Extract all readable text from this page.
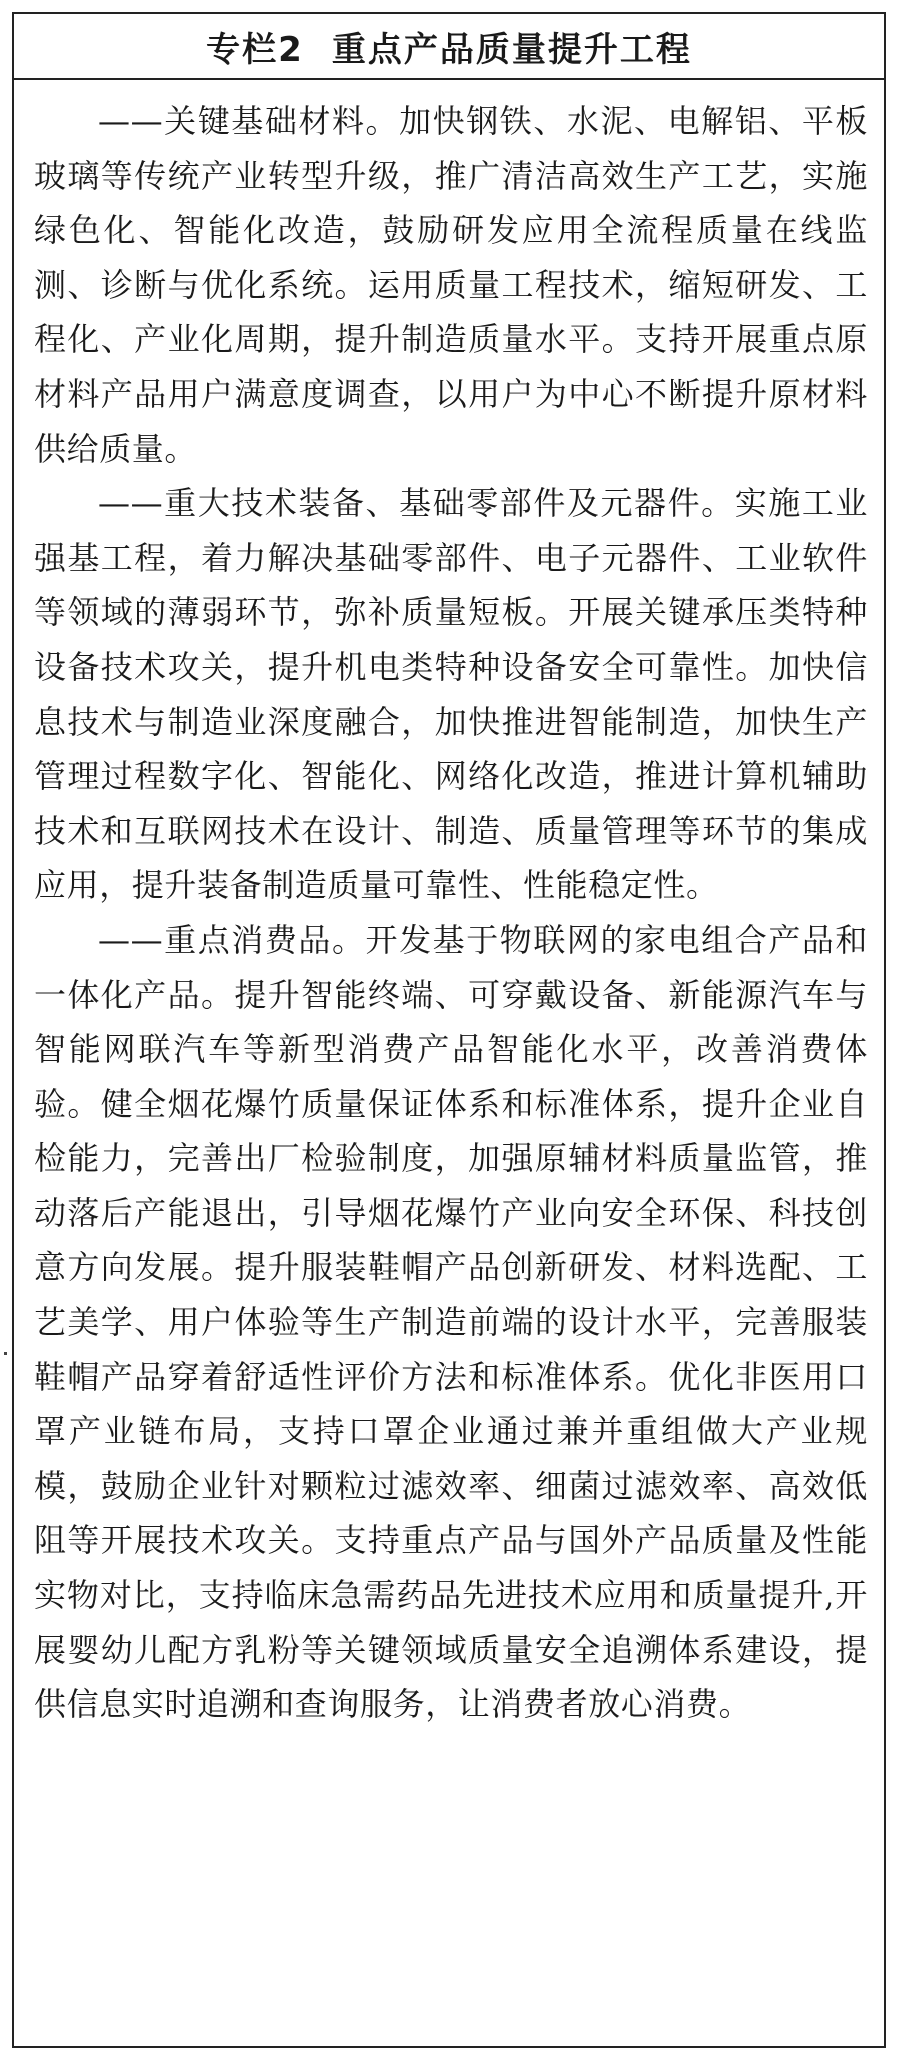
专栏2 重点产品质量提升工程

——关键基础材料。加快钢铁、水泥、电解铝、平板玻璃等传统产业转型升级，推广清洁高效生产工艺，实施绿色化、智能化改造，鼓励研发应用全流程质量在线监测、诊断与优化系统。运用质量工程技术，缩短研发、工程化、产业化周期，提升制造质量水平。支持开展重点原材料产品用户满意度调查，以用户为中心不断提升原材料供给质量。

——重大技术装备、基础零部件及元器件。实施工业强基工程，着力解决基础零部件、电子元器件、工业软件等领域的薄弱环节，弥补质量短板。开展关键承压类特种设备技术攻关，提升机电类特种设备安全可靠性。加快信息技术与制造业深度融合，加快推进智能制造，加快生产管理过程数字化、智能化、网络化改造，推进计算机辅助技术和互联网技术在设计、制造、质量管理等环节的集成应用，提升装备制造质量可靠性、性能稳定性。

——重点消费品。开发基于物联网的家电组合产品和一体化产品。提升智能终端、可穿戴设备、新能源汽车与智能网联汽车等新型消费产品智能化水平，改善消费体验。健全烟花爆竹质量保证体系和标准体系，提升企业自检能力，完善出厂检验制度，加强原辅材料质量监管，推动落后产能退出，引导烟花爆竹产业向安全环保、科技创意方向发展。提升服装鞋帽产品创新研发、材料选配、工艺美学、用户体验等生产制造前端的设计水平，完善服装鞋帽产品穿着舒适性评价方法和标准体系。优化非医用口罩产业链布局，支持口罩企业通过兼并重组做大产业规模，鼓励企业针对颗粒过滤效率、细菌过滤效率、高效低阻等开展技术攻关。支持重点产品与国外产品质量及性能实物对比，支持临床急需药品先进技术应用和质量提升,开展婴幼儿配方乳粉等关键领域质量安全追溯体系建设，提供信息实时追溯和查询服务，让消费者放心消费。
